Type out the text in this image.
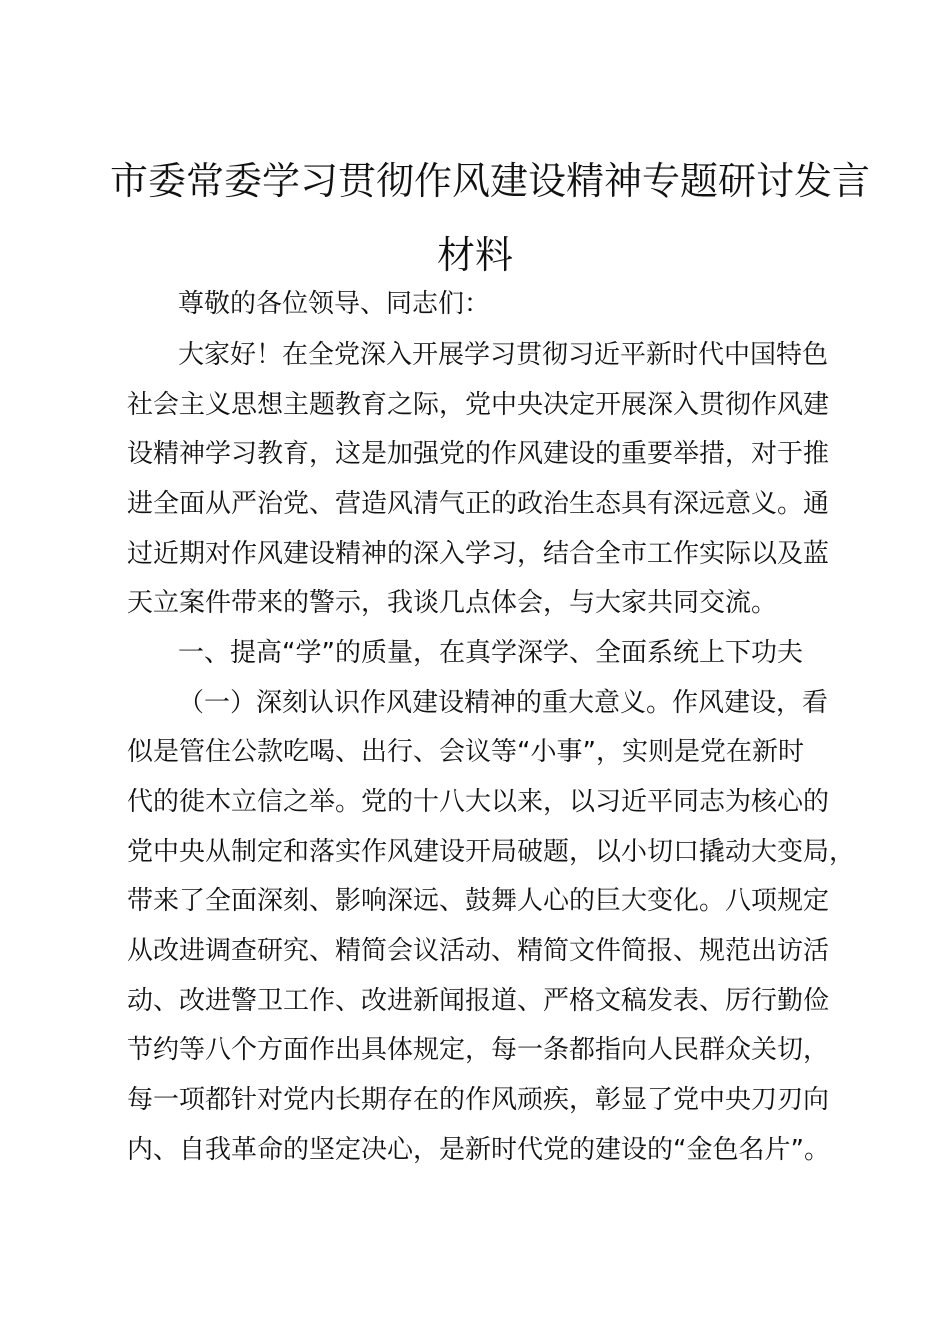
市委常委学习贯彻作风建设精神专题研讨发言
材料
尊敬的各位领导、同志们：
大家好！在全党深入开展学习贯彻习近平新时代中国特色
社会主义思想主题教育之际，党中央决定开展深入贯彻作风建
设精神学习教育，这是加强党的作风建设的重要举措，对于推
进全面从严治党、营造风清气正的政治生态具有深远意义。通
过近期对作风建设精神的深入学习，结合全市工作实际以及蓝
天立案件带来的警示，我谈几点体会，与大家共同交流。
一、提高“学”的质量，在真学深学、全面系统上下功夫
（一）深刻认识作风建设精神的重大意义。作风建设，看
似是管住公款吃喝、出行、会议等“小事”，实则是党在新时
代的徙木立信之举。党的十八大以来，以习近平同志为核心的
党中央从制定和落实作风建设开局破题，以小切口撬动大变局，
带来了全面深刻、影响深远、鼓舞人心的巨大变化。八项规定
从改进调查研究、精简会议活动、精简文件简报、规范出访活
动、改进警卫工作、改进新闻报道、严格文稿发表、厉行勤俭
节约等八个方面作出具体规定，每一条都指向人民群众关切，
每一项都针对党内长期存在的作风顽疾，彰显了党中央刀刃向
内、自我革命的坚定决心，是新时代党的建设的“金色名片”。
